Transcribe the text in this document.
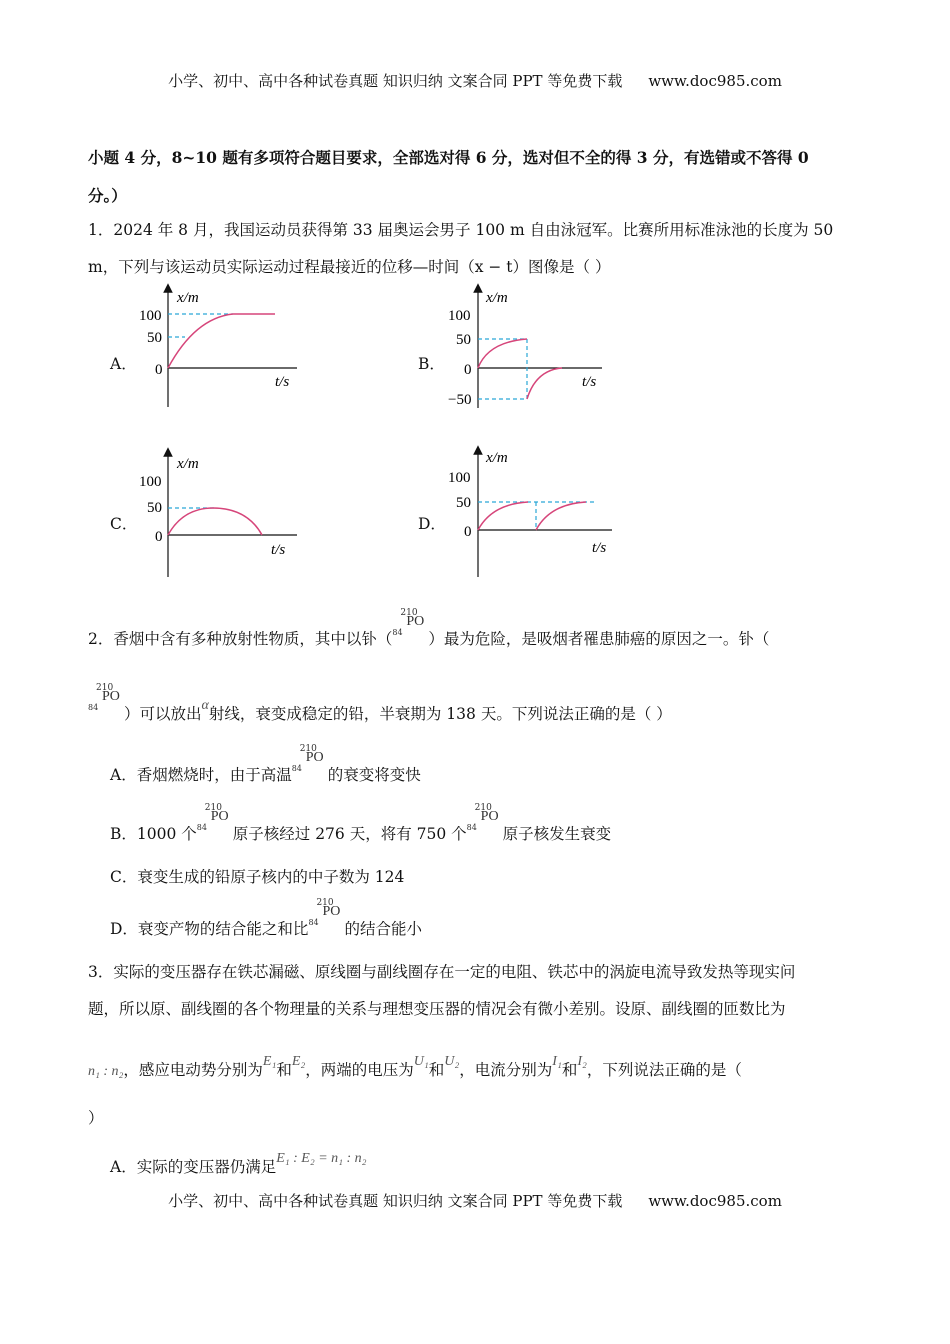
小学、初中、高中各种试卷真题 知识归纳 文案合同 PPT 等免费下载 www.doc985.com
小题 4 分，8~10 题有多项符合题目要求，全部选对得 6 分，选对但不全的得 3 分，有选错或不答得 0
分。）
1．2024 年 8 月，我国运动员获得第 33 届奥运会男子 100 m 自由泳冠军。比赛所用标准泳池的长度为 50
m，下列与该运动员实际运动过程最接近的位移—时间（x − t）图像是（ ）
A．
x/m
t/s
100
50
0	B．
x/m
t/s
100
50
0
−50
C．
x/m
t/s
100
50
0
D．
x/m
t/s
100
50
0
2．香烟中含有多种放射性物质，其中以钋（
210
84
PO
）最为危险，是吸烟者罹患肺癌的原因之一。钋（
210
84
PO
）可以放出α射线，衰变成稳定的铅，半衰期为 138 天。下列说法正确的是（ ）
A．香烟燃烧时，由于高温
210
84
PO
的衰变将变快
B．1000 个
210
84
PO
原子核经过 276 天，将有 750 个
210
84
PO
原子核发生衰变
C．衰变生成的铅原子核内的中子数为 124
D．衰变产物的结合能之和比
210
84
PO
的结合能小
3．实际的变压器存在铁芯漏磁、原线圈与副线圈存在一定的电阻、铁芯中的涡旋电流导致发热等现实问
题，所以原、副线圈的各个物理量的关系与理想变压器的情况会有微小差别。设原、副线圈的匝数比为
n₁ : n₂，感应电动势分别为E₁和E₂，两端的电压为U₁和U₂，电流分别为I₁和I₂，下列说法正确的是（
）
A．实际的变压器仍满足E₁ : E₂ = n₁ : n₂
小学、初中、高中各种试卷真题 知识归纳 文案合同 PPT 等免费下载 www.doc985.com
